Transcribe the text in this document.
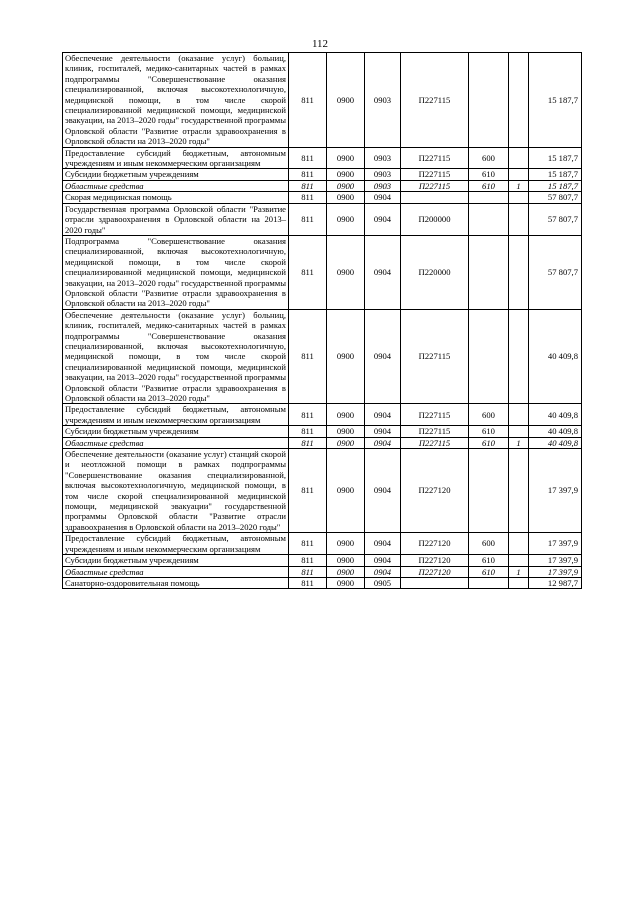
112
Обеспечение деятельности (оказание услуг) больниц, клиник, госпиталей, медико-санитарных частей в рамках подпрограммы "Совершенствование оказания специализированной, включая высокотехнологичную, медицинской помощи, в том числе скорой специализированной медицинской помощи, медицинской эвакуации, на 2013–2020 годы" государственной программы Орловской области "Развитие отрасли здравоохранения в Орловской области на 2013–2020 годы"	811	0900	0903	П227115			15 187,7
Предоставление субсидий бюджетным, автономным учреждениям и иным некоммерческим организациям	811	0900	0903	П227115	600		15 187,7
Субсидии бюджетным учреждениям	811	0900	0903	П227115	610		15 187,7
Областные средства	811	0900	0903	П227115	610	1	15 187,7
Скорая медицинская помощь	811	0900	0904				57 807,7
Государственная программа Орловской области "Развитие отрасли здравоохранения в Орловской области на 2013–2020 годы"	811	0900	0904	П200000			57 807,7
Подпрограмма "Совершенствование оказания специализированной, включая высокотехнологичную, медицинской помощи, в том числе скорой специализированной медицинской помощи, медицинской эвакуации, на 2013–2020 годы" государственной программы Орловской области "Развитие отрасли здравоохранения в Орловской области на 2013–2020 годы"	811	0900	0904	П220000			57 807,7
Обеспечение деятельности (оказание услуг) больниц, клиник, госпиталей, медико-санитарных частей в рамках подпрограммы "Совершенствование оказания специализированной, включая высокотехнологичную, медицинской помощи, в том числе скорой специализированной медицинской помощи, медицинской эвакуации, на 2013–2020 годы" государственной программы Орловской области "Развитие отрасли здравоохранения в Орловской области на 2013–2020 годы"	811	0900	0904	П227115			40 409,8
Предоставление субсидий бюджетным, автономным учреждениям и иным некоммерческим организациям	811	0900	0904	П227115	600		40 409,8
Субсидии бюджетным учреждениям	811	0900	0904	П227115	610		40 409,8
Областные средства	811	0900	0904	П227115	610	1	40 409,8
Обеспечение деятельности (оказание услуг) станций скорой и неотложной помощи в рамках подпрограммы "Совершенствование оказания специализированной, включая высокотехнологичную, медицинской помощи, в том числе скорой специализированной медицинской помощи, медицинской эвакуации" государственной программы Орловской области "Развитие отрасли здравоохранения в Орловской области на 2013–2020 годы"	811	0900	0904	П227120			17 397,9
Предоставление субсидий бюджетным, автономным учреждениям и иным некоммерческим организациям	811	0900	0904	П227120	600		17 397,9
Субсидии бюджетным учреждениям	811	0900	0904	П227120	610		17 397,9
Областные средства	811	0900	0904	П227120	610	1	17 397,9
Санаторно-оздоровительная помощь	811	0900	0905				12 987,7
